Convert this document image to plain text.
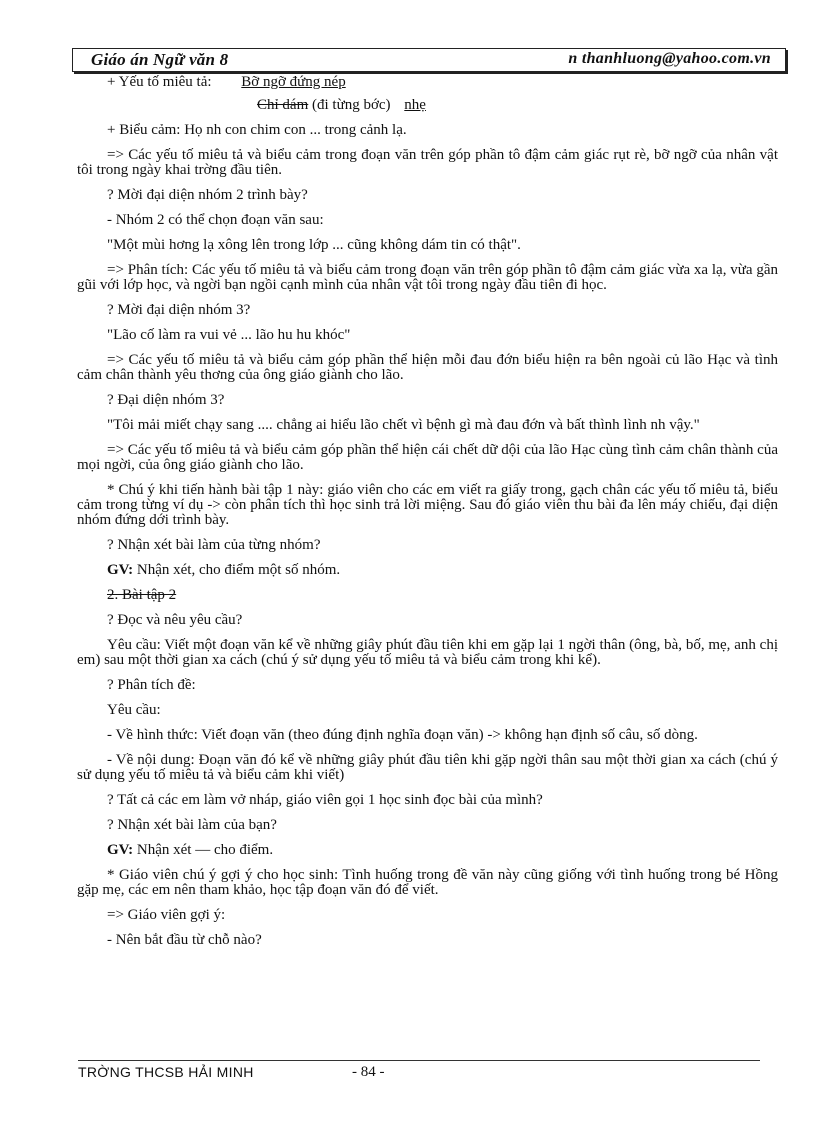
Giáo án Ngữ văn 8	n thanhluong@yahoo.com.vn

+ Yếu tố miêu tả: Bỡ ngỡ đứng nép

Chỉ dám (đi từng bớc) nhẹ

+ Biểu cảm: Họ nh con chim con ... trong cảnh lạ.

=> Các yếu tố miêu tả và biểu cảm trong đoạn văn trên góp phần tô đậm cảm giác rụt rè, bỡ ngỡ của nhân vật tôi trong ngày khai trờng đầu tiên.

? Mời đại diện nhóm 2 trình bày?

- Nhóm 2 có thể chọn đoạn văn sau:

"Một mùi hơng lạ xông lên trong lớp ... cũng không dám tin có thật".

=> Phân tích: Các yếu tố miêu tả và biểu cảm trong đoạn văn trên góp phần tô đậm cảm giác vừa xa lạ, vừa gần gũi với lớp học, và ngời bạn ngồi cạnh mình của nhân vật tôi trong ngày đầu tiên đi học.

? Mời đại diện nhóm 3?

"Lão cố làm ra vui vẻ ... lão hu hu khóc"

=> Các yếu tố miêu tả và biểu cảm góp phần thể hiện mỗi đau đớn biểu hiện ra bên ngoài củ lão Hạc và tình cảm chân thành yêu thơng của ông giáo giành cho lão.

? Đại diện nhóm 3?

"Tôi mải miết chạy sang .... chẳng ai hiểu lão chết vì bệnh gì mà đau đớn và bất thình lình nh vậy."

=> Các yếu tố miêu tả và biểu cảm góp phần thể hiện cái chết dữ dội của lão Hạc cùng tình cảm chân thành của mọi ngời, của ông giáo giành cho lão.

* Chú ý khi tiến hành bài tập 1 này: giáo viên cho các em viết ra giấy trong, gạch chân các yếu tố miêu tả, biểu cảm trong từng ví dụ -> còn phân tích thì học sinh trả lời miệng. Sau đó giáo viên thu bài đa lên máy chiếu, đại diện nhóm đứng dới trình bày.

? Nhận xét bài làm của từng nhóm?

GV: Nhận xét, cho điểm một số nhóm.

2. Bài tập 2

? Đọc và nêu yêu cầu?

Yêu cầu: Viết một đoạn văn kể về những giây phút đầu tiên khi em gặp lại 1 ngời thân (ông, bà, bố, mẹ, anh chị em) sau một thời gian xa cách (chú ý sử dụng yếu tố miêu tả và biểu cảm trong khi kể).

? Phân tích đề:

Yêu cầu:

- Về hình thức: Viết đoạn văn (theo đúng định nghĩa đoạn văn) -> không hạn định số câu, số dòng.

- Về nội dung: Đoạn văn đó kể về những giây phút đầu tiên khi gặp ngời thân sau một thời gian xa cách (chú ý sử dụng yếu tố miêu tả và biểu cảm khi viết)

? Tất cả các em làm vở nháp, giáo viên gọi 1 học sinh đọc bài của mình?

? Nhận xét bài làm của bạn?

GV: Nhận xét — cho điểm.

* Giáo viên chú ý gợi ý cho học sinh: Tình huống trong đề văn này cũng giống với tình huống trong bé Hồng gặp mẹ, các em nên tham khảo, học tập đoạn văn đó để viết.

=> Giáo viên gợi ý:

- Nên bắt đầu từ chỗ nào?

TRỜNG THCSB HẢI MINH	- 84 -
